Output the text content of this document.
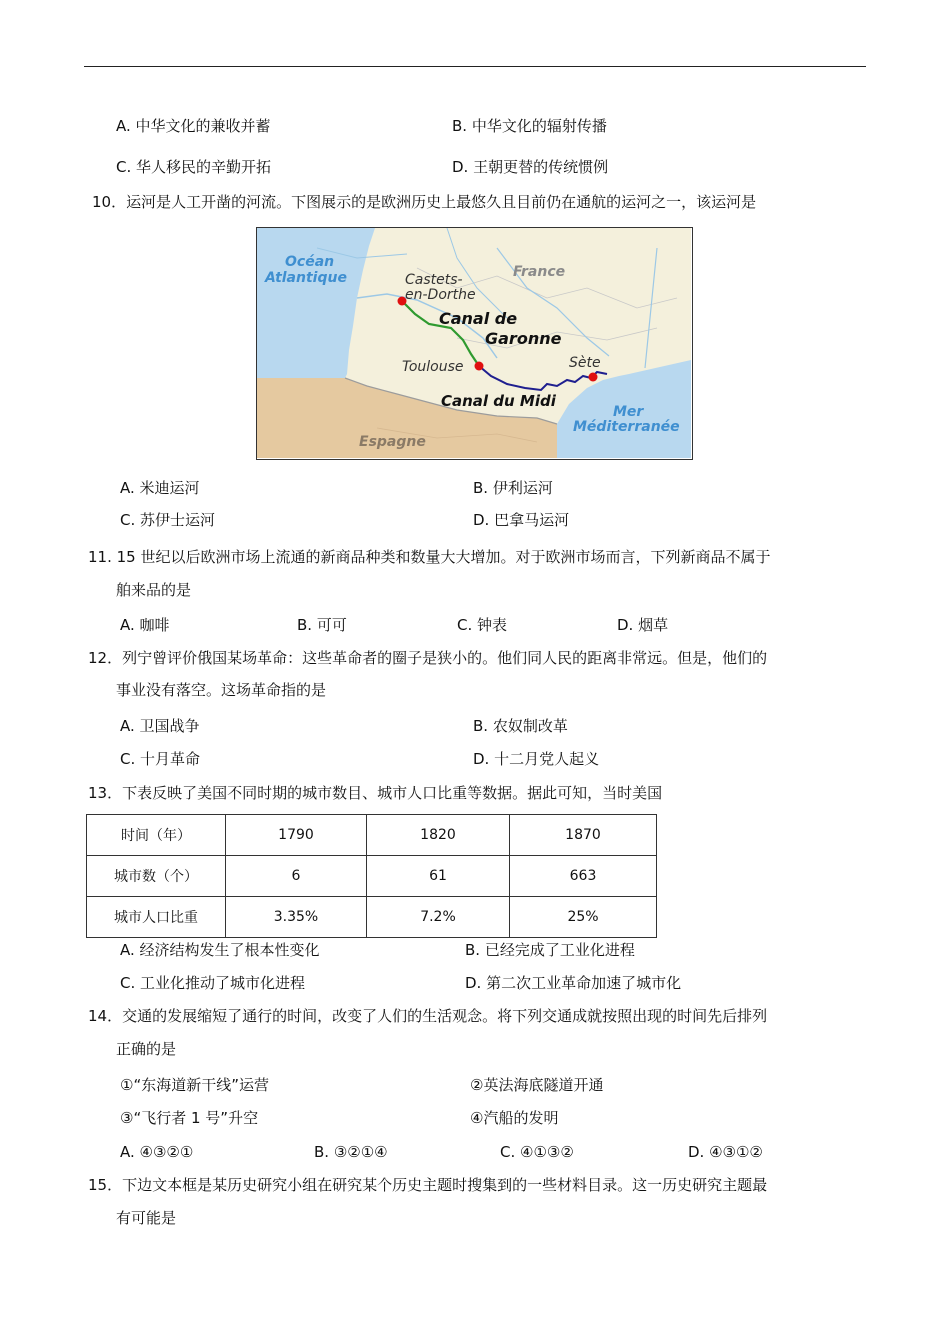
A. 中华文化的兼收并蓄	B. 中华文化的辐射传播
C. 华人移民的辛勤开拓	D. 王朝更替的传统惯例
10．运河是人工开凿的河流。下图展示的是欧洲历史上最悠久且目前仍在通航的运河之一，该运河是
Océan
Atlantique	France
Castets-
en-Dorthe
Canal de
Garonne
Toulouse	Sète
Canal du Midi
Mer
Méditerranée
Espagne
A. 米迪运河	B. 伊利运河
C. 苏伊士运河	D. 巴拿马运河
11. 15 世纪以后欧洲市场上流通的新商品种类和数量大大增加。对于欧洲市场而言，下列新商品不属于
舶来品的是
A. 咖啡	B. 可可	C. 钟表	D. 烟草
12．列宁曾评价俄国某场革命：这些革命者的圈子是狭小的。他们同人民的距离非常远。但是，他们的
事业没有落空。这场革命指的是
A. 卫国战争	B. 农奴制改革
C. 十月革命	D. 十二月党人起义
13．下表反映了美国不同时期的城市数目、城市人口比重等数据。据此可知，当时美国
时间（年）	1790	1820	1870
城市数（个）	6	61	663
城市人口比重	3.35%	7.2%	25%
A. 经济结构发生了根本性变化	B. 已经完成了工业化进程
C. 工业化推动了城市化进程	D. 第二次工业革命加速了城市化
14．交通的发展缩短了通行的时间，改变了人们的生活观念。将下列交通成就按照出现的时间先后排列
正确的是
①“东海道新干线”运营	②英法海底隧道开通
③“飞行者 1 号”升空	④汽船的发明
A. ④③②①	B. ③②①④	C. ④①③②	D. ④③①②
15．下边文本框是某历史研究小组在研究某个历史主题时搜集到的一些材料目录。这一历史研究主题最
有可能是
